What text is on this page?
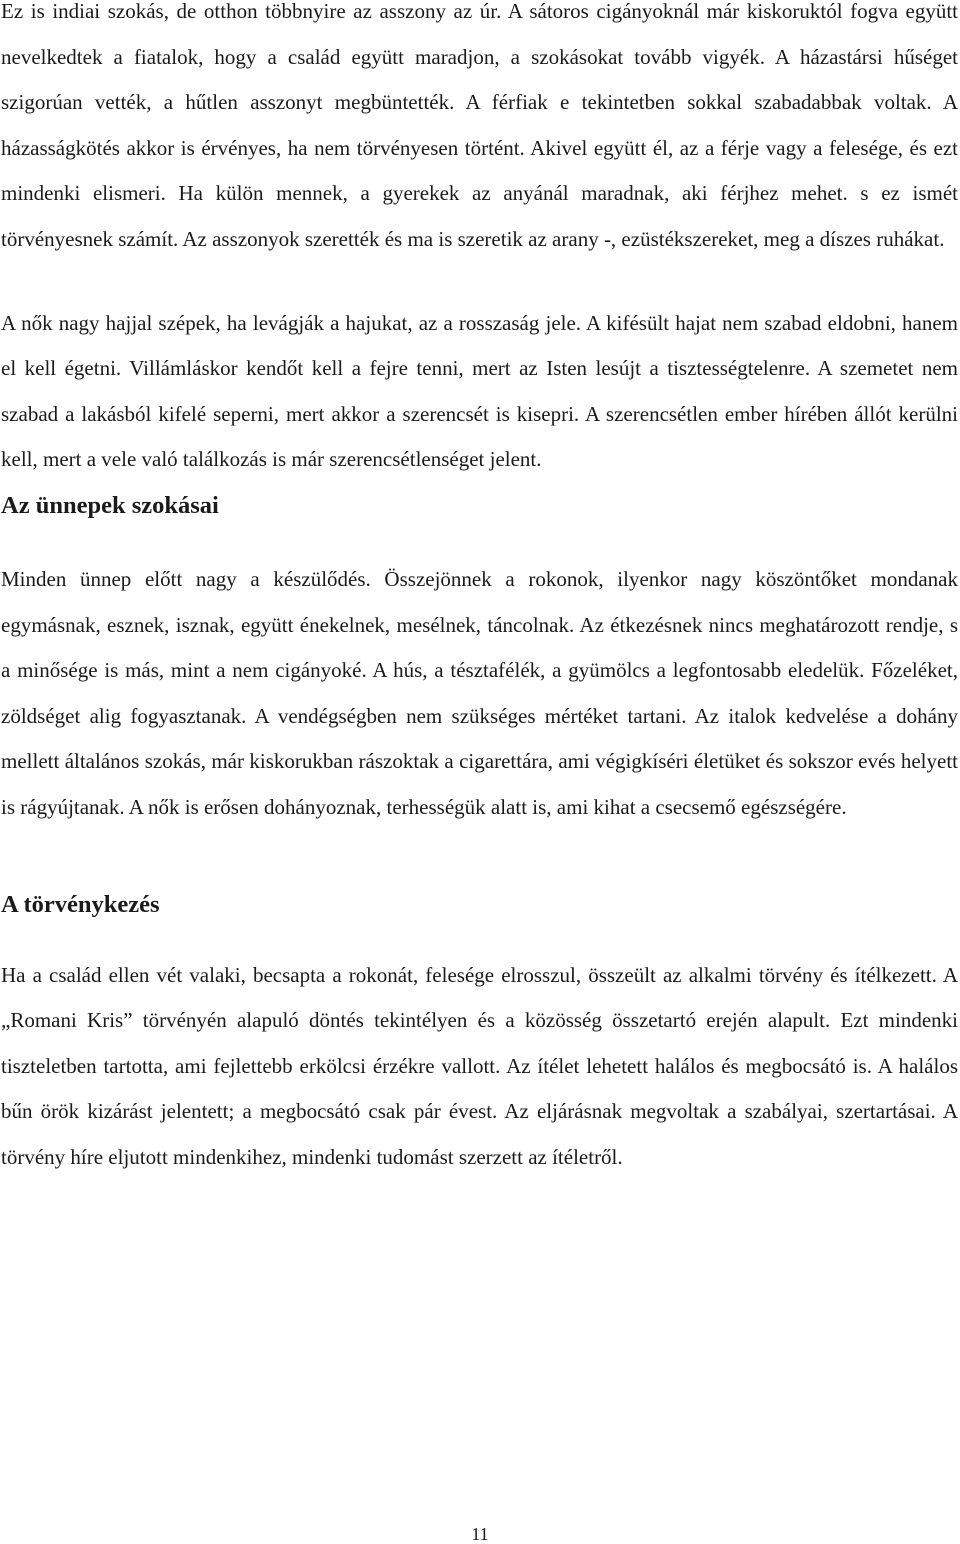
Ez is indiai szokás, de otthon többnyire az asszony az úr. A sátoros cigányoknál már kiskoruktól fogva együtt nevelkedtek a fiatalok, hogy a család együtt maradjon, a szokásokat tovább vigyék. A házastársi hűséget szigorúan vették, a hűtlen asszonyt megbüntették. A férfiak e tekintetben sokkal szabadabbak voltak. A házasságkötés akkor is érvényes, ha nem törvényesen történt. Akivel együtt él, az a férje vagy a felesége, és ezt mindenki elismeri. Ha külön mennek, a gyerekek az anyánál maradnak, aki férjhez mehet. s ez ismét törvényesnek számít. Az asszonyok szerették és ma is szeretik az arany -, ezüstékszereket, meg a díszes ruhákat.

A nők nagy hajjal szépek, ha levágják a hajukat, az a rosszaság jele. A kifésült hajat nem szabad eldobni, hanem el kell égetni. Villámláskor kendőt kell a fejre tenni, mert az Isten lesújt a tisztességtelenre. A szemetet nem szabad a lakásból kifelé seperni, mert akkor a szerencsét is kisepri. A szerencsétlen ember hírében állót kerülni kell, mert a vele való találkozás is már szerencsétlenséget jelent.

Az ünnepek szokásai

Minden ünnep előtt nagy a készülődés. Összejönnek a rokonok, ilyenkor nagy köszöntőket mondanak egymásnak, esznek, isznak, együtt énekelnek, mesélnek, táncolnak. Az étkezésnek nincs meghatározott rendje, s a minősége is más, mint a nem cigányoké. A hús, a tésztafélék, a gyümölcs a legfontosabb eledelük. Főzeléket, zöldséget alig fogyasztanak. A vendégségben nem szükséges mértéket tartani. Az italok kedvelése a dohány mellett általános szokás, már kiskorukban rászoktak a cigarettára, ami végigkíséri életüket és sokszor evés helyett is rágyújtanak. A nők is erősen dohányoznak, terhességük alatt is, ami kihat a csecsemő egészségére.

A törvénykezés

Ha a család ellen vét valaki, becsapta a rokonát, felesége elrosszul, összeült az alkalmi törvény és ítélkezett. A „Romani Kris” törvényén alapuló döntés tekintélyen és a közösség összetartó erején alapult. Ezt mindenki tiszteletben tartotta, ami fejlettebb erkölcsi érzékre vallott. Az ítélet lehetett halálos és megbocsátó is. A halálos bűn örök kizárást jelentett; a megbocsátó csak pár évest. Az eljárásnak megvoltak a szabályai, szertartásai. A törvény híre eljutott mindenkihez, mindenki tudomást szerzett az ítéletről.

11
